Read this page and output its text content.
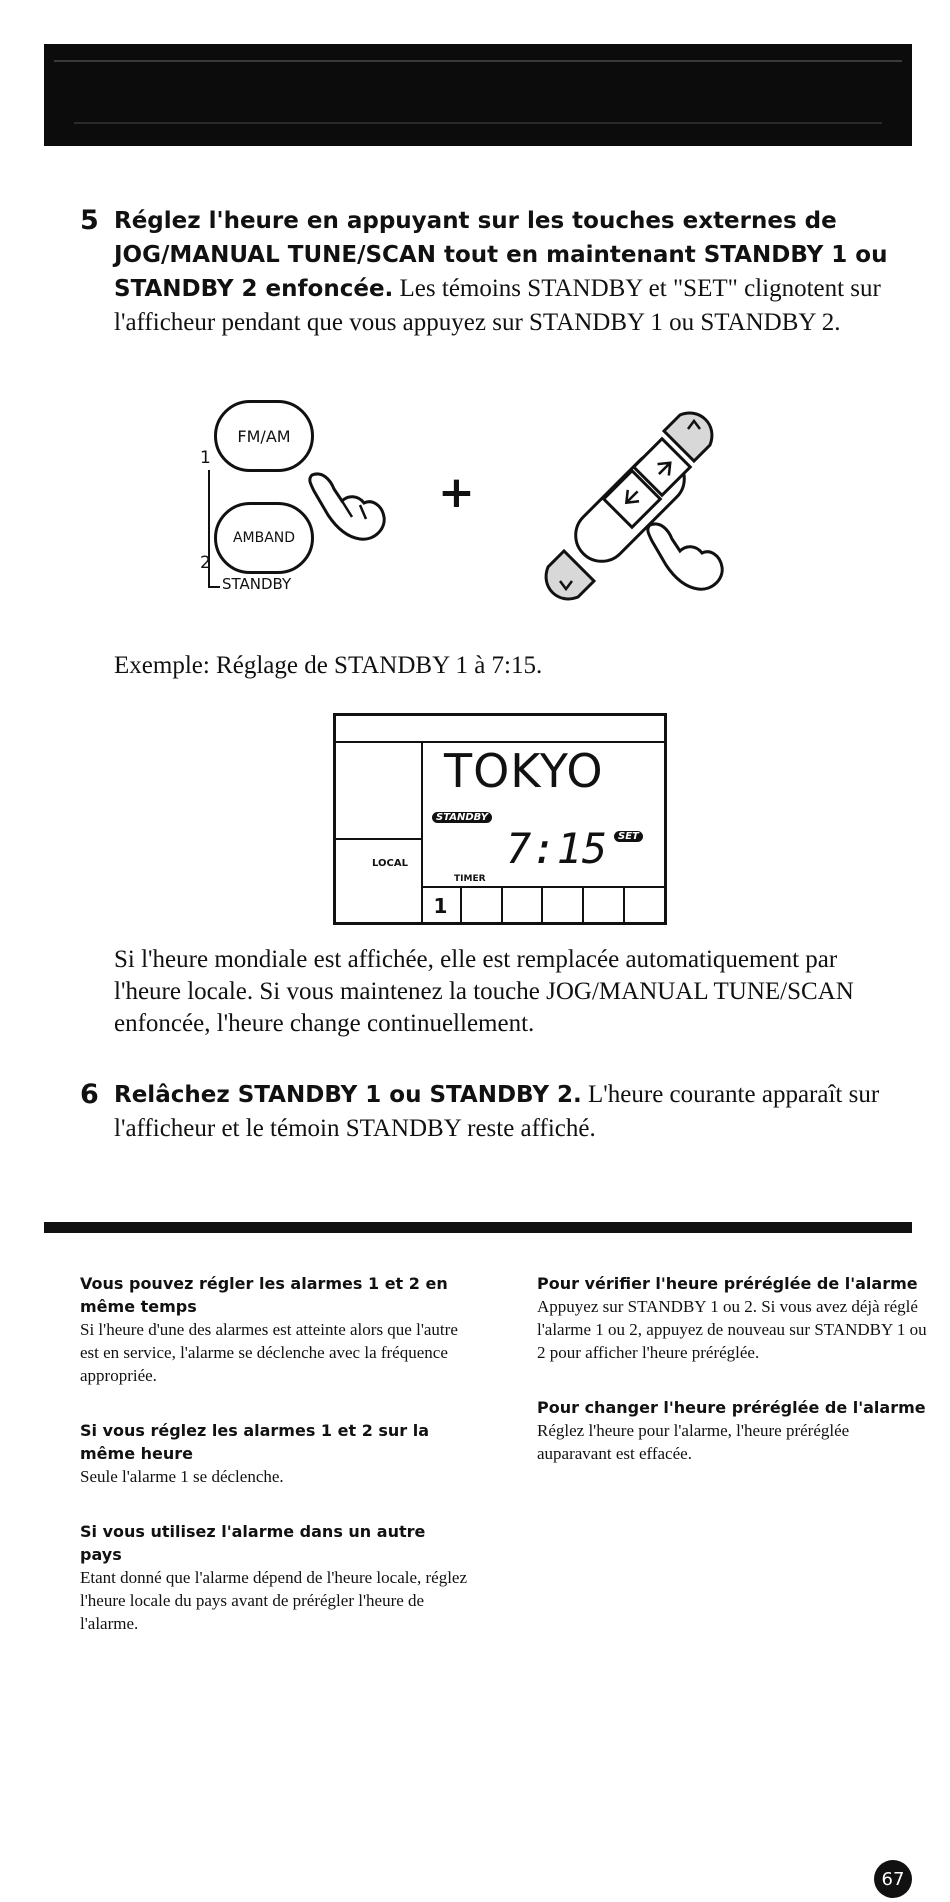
5 Réglez l'heure en appuyant sur les touches externes de JOG/MANUAL TUNE/SCAN tout en maintenant STANDBY 1 ou STANDBY 2 enfoncée. Les témoins STANDBY et "SET" clignotent sur l'afficheur pendant que vous appuyez sur STANDBY 1 ou STANDBY 2.
FM/AM
AMBAND
1
2
STANDBY
+
Exemple: Réglage de STANDBY 1 à 7:15.
TOKYO
STANDBY
SET
7:15
LOCAL
TIMER
1
Si l'heure mondiale est affichée, elle est remplacée automatiquement par l'heure locale. Si vous maintenez la touche JOG/MANUAL TUNE/SCAN enfoncée, l'heure change continuellement.
6 Relâchez STANDBY 1 ou STANDBY 2. L'heure courante apparaît sur l'afficheur et le témoin STANDBY reste affiché.
Vous pouvez régler les alarmes 1 et 2 en même temps

Si l'heure d'une des alarmes est atteinte alors que l'autre est en service, l'alarme se déclenche avec la fréquence appropriée.

Si vous réglez les alarmes 1 et 2 sur la même heure

Seule l'alarme 1 se déclenche.

Si vous utilisez l'alarme dans un autre pays

Etant donné que l'alarme dépend de l'heure locale, réglez l'heure locale du pays avant de prérégler l'heure de l'alarme.

Pour vérifier l'heure préréglée de l'alarme

Appuyez sur STANDBY 1 ou 2. Si vous avez déjà réglé l'alarme 1 ou 2, appuyez de nouveau sur STANDBY 1 ou 2 pour afficher l'heure préréglée.

Pour changer l'heure préréglée de l'alarme

Réglez l'heure pour l'alarme, l'heure préréglée auparavant est effacée.

67
